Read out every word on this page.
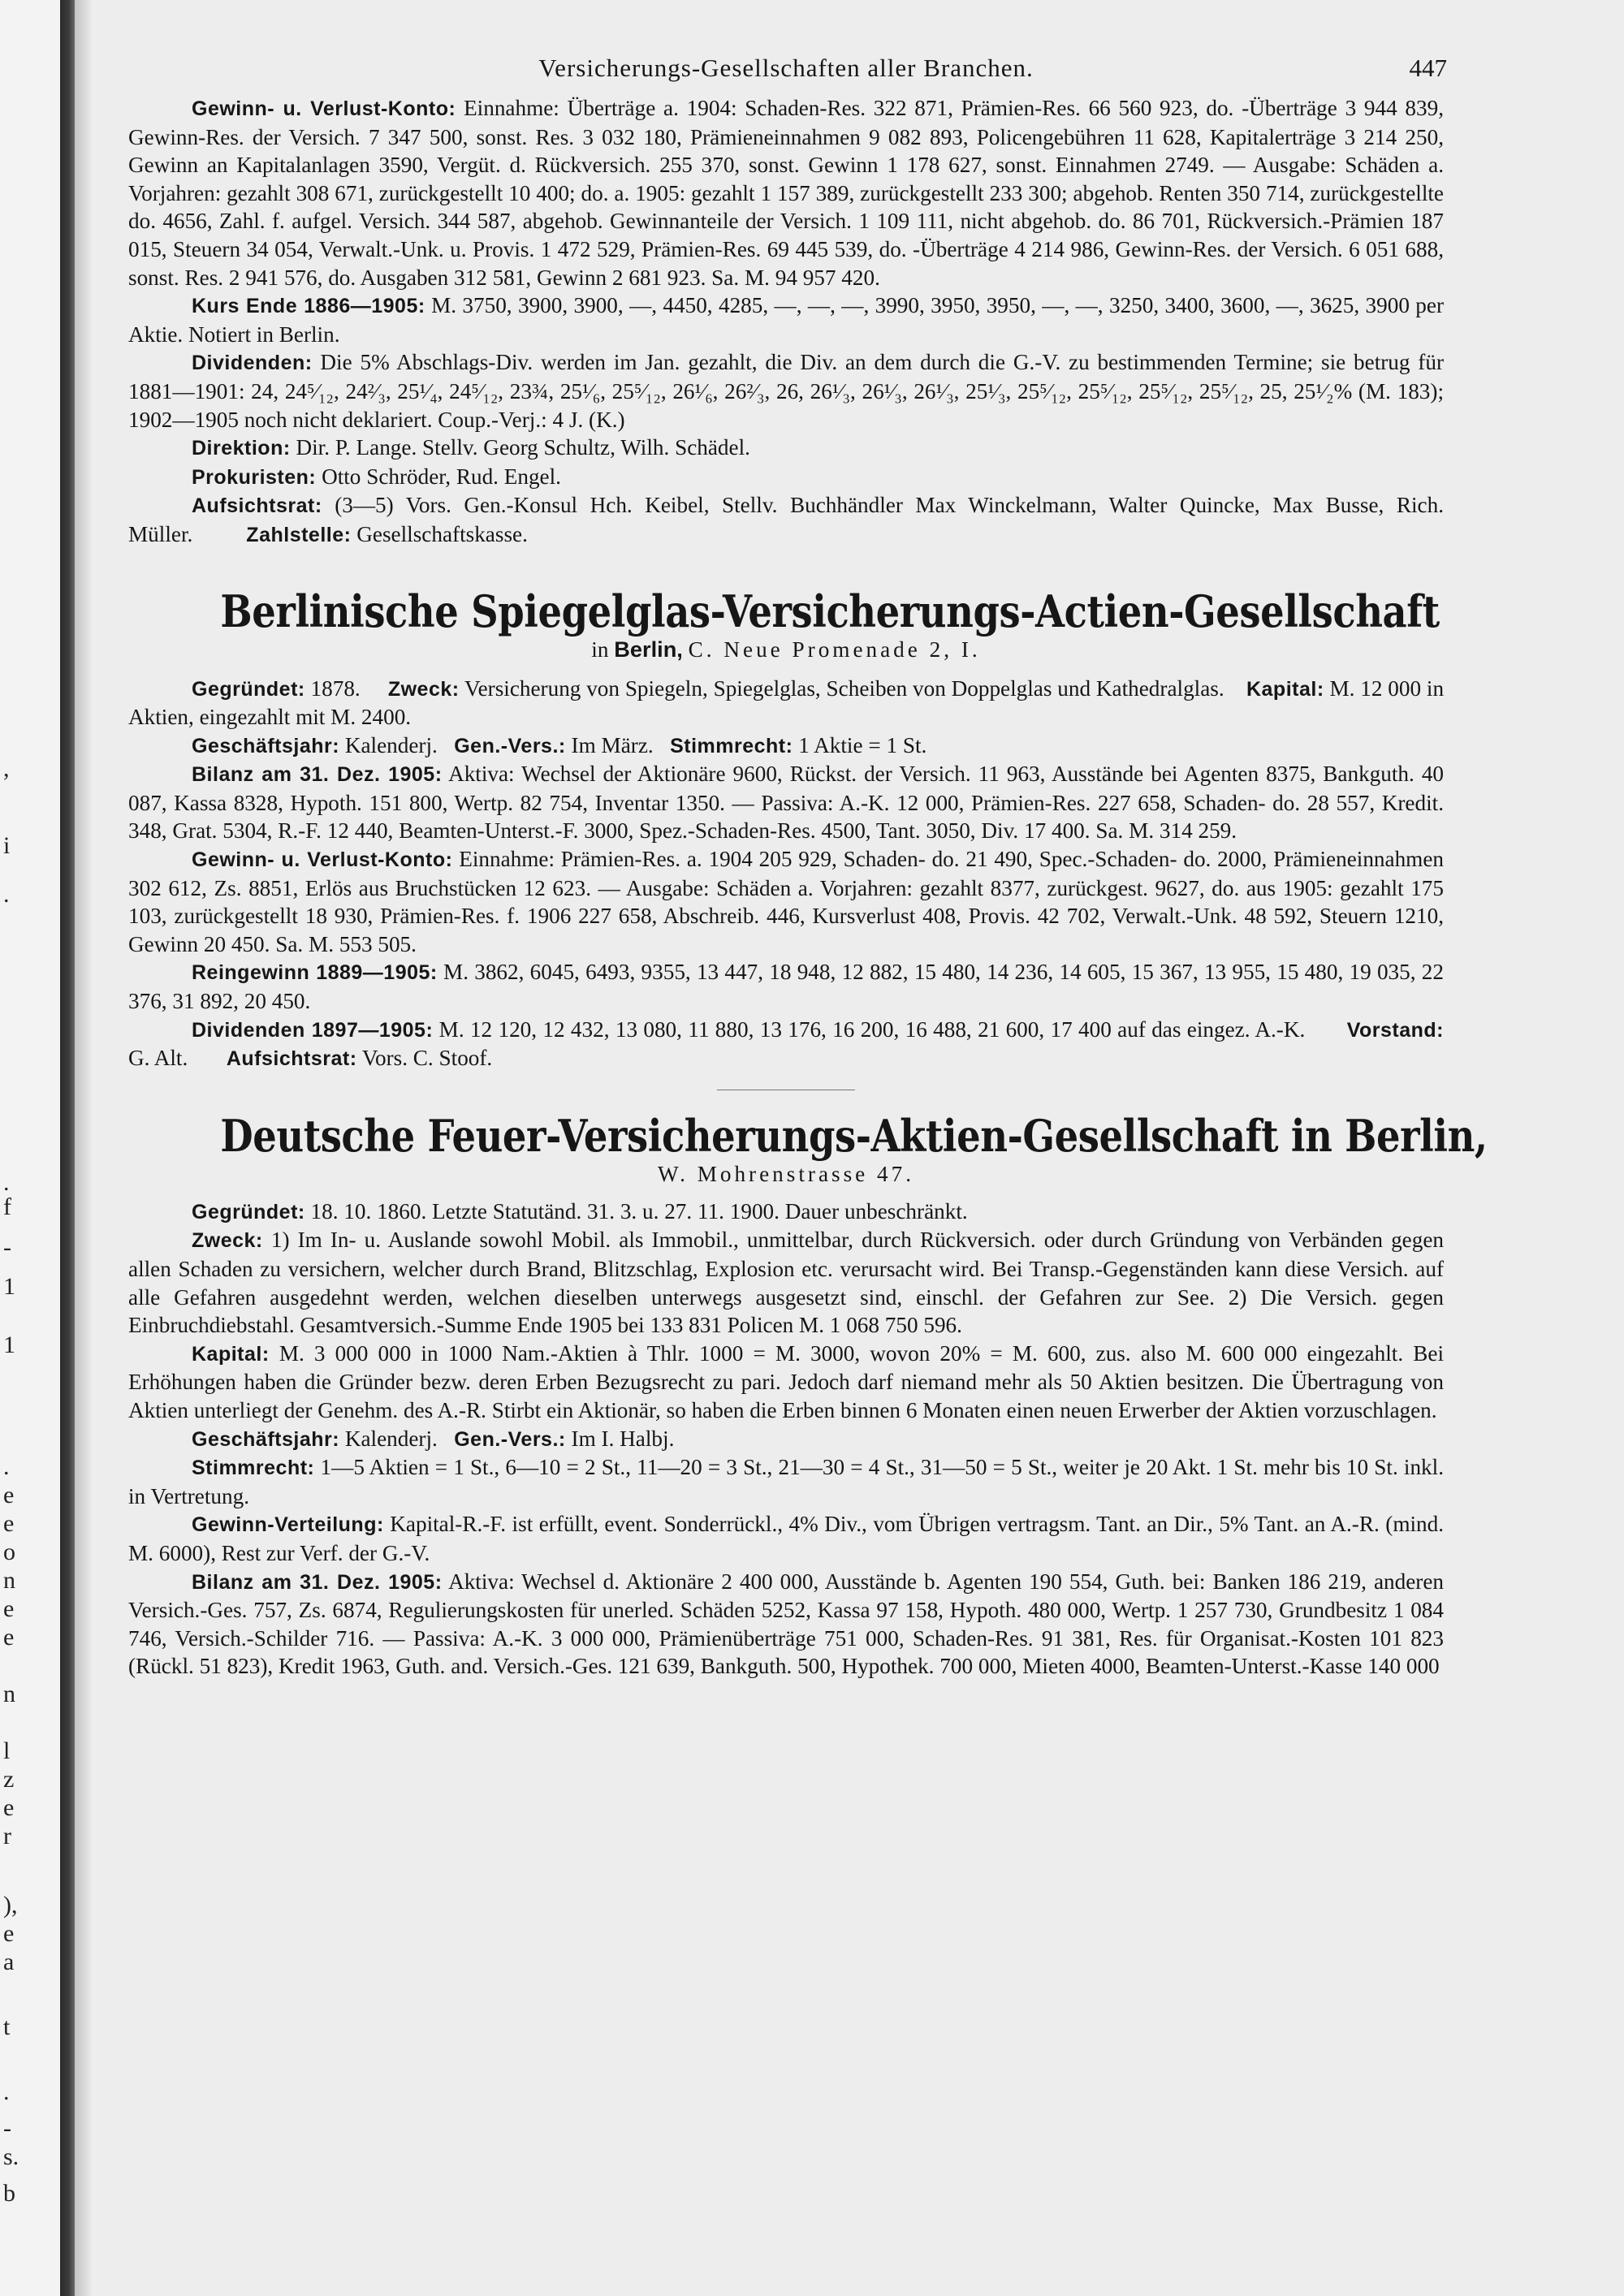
,
i
.
.
f
-
1
1
.
e
e
o
n
e
e
n
l
z
e
r
),
e
a
t
.
-
s.
b
Versicherungs-Gesellschaften aller Branchen.	447

Gewinn- u. Verlust-Konto: Einnahme: Überträge a. 1904: Schaden-Res. 322 871, Prämien-Res. 66 560 923, do. -Überträge 3 944 839, Gewinn-Res. der Versich. 7 347 500, sonst. Res. 3 032 180, Prämieneinnahmen 9 082 893, Policengebühren 11 628, Kapitalerträge 3 214 250, Gewinn an Kapitalanlagen 3590, Vergüt. d. Rückversich. 255 370, sonst. Gewinn 1 178 627, sonst. Einnahmen 2749. — Ausgabe: Schäden a. Vorjahren: gezahlt 308 671, zurückgestellt 10 400; do. a. 1905: gezahlt 1 157 389, zurückgestellt 233 300; abgehob. Renten 350 714, zurückgestellte do. 4656, Zahl. f. aufgel. Versich. 344 587, abgehob. Gewinnanteile der Versich. 1 109 111, nicht abgehob. do. 86 701, Rückversich.-Prämien 187 015, Steuern 34 054, Verwalt.-Unk. u. Provis. 1 472 529, Prämien-Res. 69 445 539, do. -Überträge 4 214 986, Gewinn-Res. der Versich. 6 051 688, sonst. Res. 2 941 576, do. Ausgaben 312 581, Gewinn 2 681 923. Sa. M. 94 957 420.

Kurs Ende 1886—1905: M. 3750, 3900, 3900, —, 4450, 4285, —, —, —, 3990, 3950, 3950, —, —, 3250, 3400, 3600, —, 3625, 3900 per Aktie. Notiert in Berlin.

Dividenden: Die 5% Abschlags-Div. werden im Jan. gezahlt, die Div. an dem durch die G.-V. zu bestimmenden Termine; sie betrug für 1881—1901: 24, 24⁵⁄₁₂, 24²⁄₃, 25¹⁄₄, 24⁵⁄₁₂, 23¾, 25¹⁄₆, 25⁵⁄₁₂, 26¹⁄₆, 26²⁄₃, 26, 26¹⁄₃, 26¹⁄₃, 26¹⁄₃, 25¹⁄₃, 25⁵⁄₁₂, 25⁵⁄₁₂, 25⁵⁄₁₂, 25⁵⁄₁₂, 25, 25¹⁄₂% (M. 183); 1902—1905 noch nicht deklariert. Coup.-Verj.: 4 J. (K.)

Direktion: Dir. P. Lange. Stellv. Georg Schultz, Wilh. Schädel.

Prokuristen: Otto Schröder, Rud. Engel.

Aufsichtsrat: (3—5) Vors. Gen.-Konsul Hch. Keibel, Stellv. Buchhändler Max Winckelmann, Walter Quincke, Max Busse, Rich. Müller.	Zahlstelle: Gesellschaftskasse.

Berlinische Spiegelglas-Versicherungs-Actien-Gesellschaft

in Berlin, C. Neue Promenade 2, I.

Gegründet: 1878. Zweck: Versicherung von Spiegeln, Spiegelglas, Scheiben von Doppelglas und Kathedralglas. Kapital: M. 12 000 in Aktien, eingezahlt mit M. 2400.

Geschäftsjahr: Kalenderj. Gen.-Vers.: Im März. Stimmrecht: 1 Aktie = 1 St.

Bilanz am 31. Dez. 1905: Aktiva: Wechsel der Aktionäre 9600, Rückst. der Versich. 11 963, Ausstände bei Agenten 8375, Bankguth. 40 087, Kassa 8328, Hypoth. 151 800, Wertp. 82 754, Inventar 1350. — Passiva: A.-K. 12 000, Prämien-Res. 227 658, Schaden- do. 28 557, Kredit. 348, Grat. 5304, R.-F. 12 440, Beamten-Unterst.-F. 3000, Spez.-Schaden-Res. 4500, Tant. 3050, Div. 17 400. Sa. M. 314 259.

Gewinn- u. Verlust-Konto: Einnahme: Prämien-Res. a. 1904 205 929, Schaden- do. 21 490, Spec.-Schaden- do. 2000, Prämieneinnahmen 302 612, Zs. 8851, Erlös aus Bruchstücken 12 623. — Ausgabe: Schäden a. Vorjahren: gezahlt 8377, zurückgest. 9627, do. aus 1905: gezahlt 175 103, zurückgestellt 18 930, Prämien-Res. f. 1906 227 658, Abschreib. 446, Kursverlust 408, Provis. 42 702, Verwalt.-Unk. 48 592, Steuern 1210, Gewinn 20 450. Sa. M. 553 505.

Reingewinn 1889—1905: M. 3862, 6045, 6493, 9355, 13 447, 18 948, 12 882, 15 480, 14 236, 14 605, 15 367, 13 955, 15 480, 19 035, 22 376, 31 892, 20 450.

Dividenden 1897—1905: M. 12 120, 12 432, 13 080, 11 880, 13 176, 16 200, 16 488, 21 600, 17 400 auf das eingez. A.-K. Vorstand: G. Alt. Aufsichtsrat: Vors. C. Stoof.

Deutsche Feuer-Versicherungs-Aktien-Gesellschaft in Berlin,

W. Mohrenstrasse 47.

Gegründet: 18. 10. 1860. Letzte Statutänd. 31. 3. u. 27. 11. 1900. Dauer unbeschränkt.

Zweck: 1) Im In- u. Auslande sowohl Mobil. als Immobil., unmittelbar, durch Rückversich. oder durch Gründung von Verbänden gegen allen Schaden zu versichern, welcher durch Brand, Blitzschlag, Explosion etc. verursacht wird. Bei Transp.-Gegenständen kann diese Versich. auf alle Gefahren ausgedehnt werden, welchen dieselben unterwegs ausgesetzt sind, einschl. der Gefahren zur See. 2) Die Versich. gegen Einbruchdiebstahl. Gesamtversich.-Summe Ende 1905 bei 133 831 Policen M. 1 068 750 596.

Kapital: M. 3 000 000 in 1000 Nam.-Aktien à Thlr. 1000 = M. 3000, wovon 20% = M. 600, zus. also M. 600 000 eingezahlt. Bei Erhöhungen haben die Gründer bezw. deren Erben Bezugsrecht zu pari. Jedoch darf niemand mehr als 50 Aktien besitzen. Die Übertragung von Aktien unterliegt der Genehm. des A.-R. Stirbt ein Aktionär, so haben die Erben binnen 6 Monaten einen neuen Erwerber der Aktien vorzuschlagen.

Geschäftsjahr: Kalenderj. Gen.-Vers.: Im I. Halbj.

Stimmrecht: 1—5 Aktien = 1 St., 6—10 = 2 St., 11—20 = 3 St., 21—30 = 4 St., 31—50 = 5 St., weiter je 20 Akt. 1 St. mehr bis 10 St. inkl. in Vertretung.

Gewinn-Verteilung: Kapital-R.-F. ist erfüllt, event. Sonderrückl., 4% Div., vom Übrigen vertragsm. Tant. an Dir., 5% Tant. an A.-R. (mind. M. 6000), Rest zur Verf. der G.-V.

Bilanz am 31. Dez. 1905: Aktiva: Wechsel d. Aktionäre 2 400 000, Ausstände b. Agenten 190 554, Guth. bei: Banken 186 219, anderen Versich.-Ges. 757, Zs. 6874, Regulierungskosten für unerled. Schäden 5252, Kassa 97 158, Hypoth. 480 000, Wertp. 1 257 730, Grundbesitz 1 084 746, Versich.-Schilder 716. — Passiva: A.-K. 3 000 000, Prämienüberträge 751 000, Schaden-Res. 91 381, Res. für Organisat.-Kosten 101 823 (Rückl. 51 823), Kredit 1963, Guth. and. Versich.-Ges. 121 639, Bankguth. 500, Hypothek. 700 000, Mieten 4000, Beamten-Unterst.-Kasse 140 000
